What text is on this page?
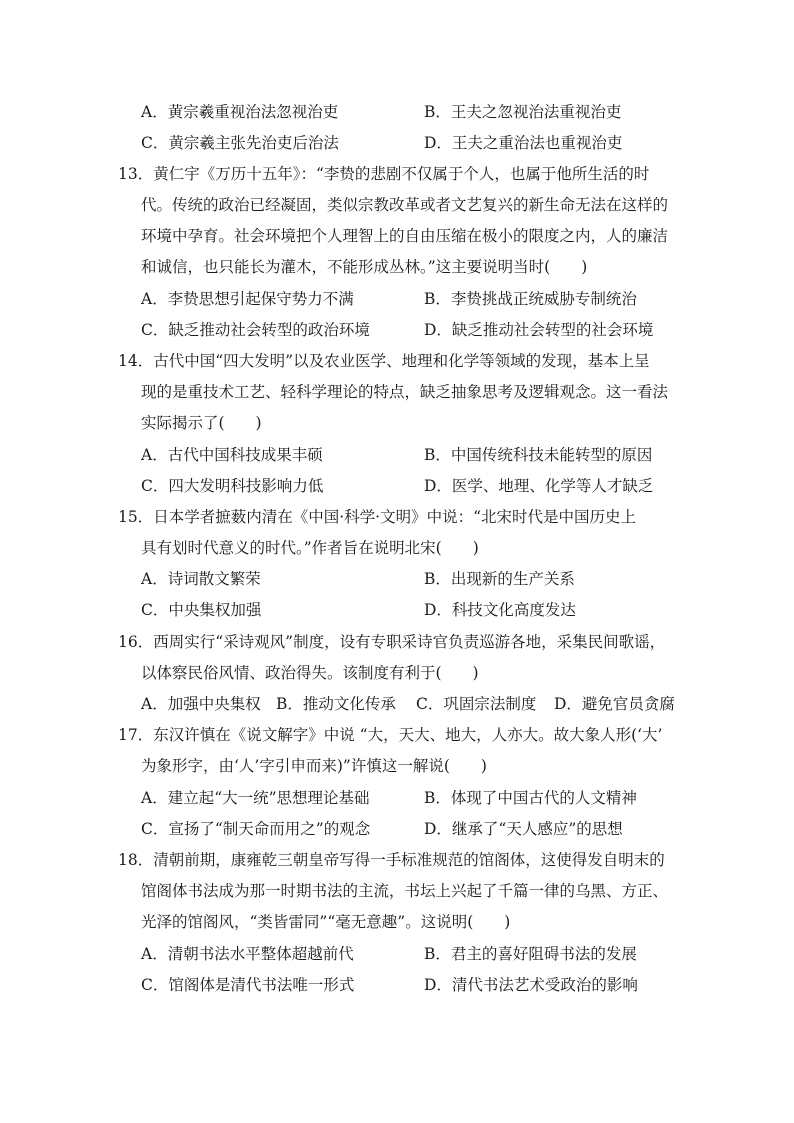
A．黄宗羲重视治法忽视治吏	B．王夫之忽视治法重视治吏
C．黄宗羲主张先治吏后治法	D．王夫之重治法也重视治吏
13．黄仁宇《万历十五年》：“李贽的悲剧不仅属于个人，也属于他所生活的时
代。传统的政治已经凝固，类似宗教改革或者文艺复兴的新生命无法在这样的
环境中孕育。社会环境把个人理智上的自由压缩在极小的限度之内，人的廉洁
和诚信，也只能长为灌木，不能形成丛林。”这主要说明当时(　　)
A．李贽思想引起保守势力不满	B．李贽挑战正统威胁专制统治
C．缺乏推动社会转型的政治环境	D．缺乏推动社会转型的社会环境
14．古代中国“四大发明”以及农业医学、地理和化学等领域的发现，基本上呈
现的是重技术工艺、轻科学理论的特点，缺乏抽象思考及逻辑观念。这一看法
实际揭示了(　　)
A．古代中国科技成果丰硕	B．中国传统科技未能转型的原因
C．四大发明科技影响力低	D．医学、地理、化学等人才缺乏
15．日本学者摭薮内清在《中国·科学·文明》中说：“北宋时代是中国历史上
具有划时代意义的时代。”作者旨在说明北宋(　　)
A．诗词散文繁荣	B．出现新的生产关系
C．中央集权加强	D．科技文化高度发达
16．西周实行“采诗观风”制度，设有专职采诗官负责巡游各地，采集民间歌谣，
以体察民俗风情、政治得失。该制度有利于(　　)
A．加强中央集权 B．推动文化传承 C．巩固宗法制度 D．避免官员贪腐
17．东汉许慎在《说文解字》中说 “大，天大、地大，人亦大。故大象人形(‘大’
为象形字，由‘人’字引申而来)”许慎这一解说(　　)
A．建立起“大一统”思想理论基础	B．体现了中国古代的人文精神
C．宣扬了“制天命而用之”的观念	D．继承了“天人感应”的思想
18．清朝前期，康雍乾三朝皇帝写得一手标准规范的馆阁体，这使得发自明末的
馆阁体书法成为那一时期书法的主流，书坛上兴起了千篇一律的乌黑、方正、
光泽的馆阁风，“类皆雷同”“毫无意趣”。这说明(　　)
A．清朝书法水平整体超越前代	B．君主的喜好阻碍书法的发展
C．馆阁体是清代书法唯一形式	D．清代书法艺术受政治的影响
